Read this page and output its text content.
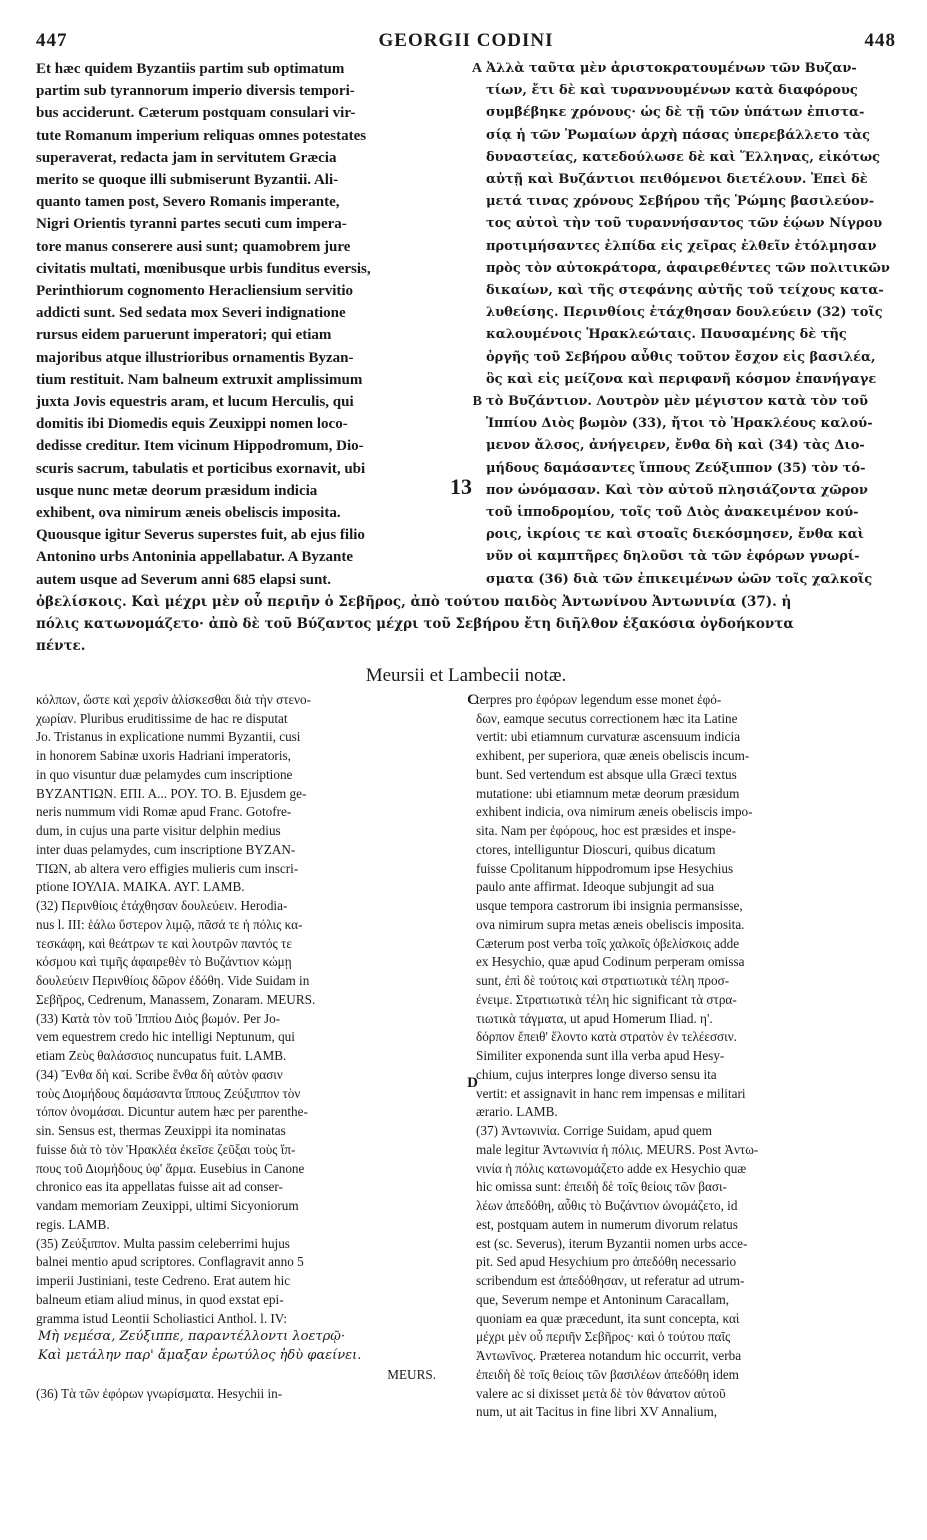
447	GEORGII CODINI	448
A
B
13
Et hæc quidem Byzantiis partim sub optimatum
partim sub tyrannorum imperio diversis tempori-
bus acciderunt. Cæterum postquam consulari vir-
tute Romanum imperium reliquas omnes potestates
superaverat, redacta jam in servitutem Græcia
merito se quoque illi submiserunt Byzantii. Ali-
quanto tamen post, Severo Romanis imperante,
Nigri Orientis tyranni partes secuti cum impera-
tore manus conserere ausi sunt; quamobrem jure
civitatis multati, mœnibusque urbis funditus eversis,
Perinthiorum cognomento Heracliensium servitio
addicti sunt. Sed sedata mox Severi indignatione
rursus eidem paruerunt imperatori; qui etiam
majoribus atque illustrioribus ornamentis Byzan-
tium restituit. Nam balneum extruxit amplissimum
juxta Jovis equestris aram, et lucum Herculis, qui
domitis ibi Diomedis equis Zeuxippi nomen loco-
dedisse creditur. Item vicinum Hippodromum, Dio-
scuris sacrum, tabulatis et porticibus exornavit, ubi
usque nunc metæ deorum præsidum indicia
exhibent, ova nimirum æneis obeliscis imposita.
Quousque igitur Severus superstes fuit, ab ejus filio
Antonino urbs Antoninia appellabatur. A Byzante
autem usque ad Severum anni 685 elapsi sunt.
Ἀλλὰ ταῦτα μὲν ἀριστοκρατουμένων τῶν Βυζαν-
τίων, ἔτι δὲ καὶ τυραννουμένων κατὰ διαφόρους
συμβέβηκε χρόνους· ὡς δὲ τῇ τῶν ὑπάτων ἐπιστα-
σίᾳ ἡ τῶν Ῥωμαίων ἀρχὴ πάσας ὑπερεβάλλετο τὰς
δυναστείας, κατεδούλωσε δὲ καὶ Ἕλληνας, εἰκότως
αὐτῇ καὶ Βυζάντιοι πειθόμενοι διετέλουν. Ἐπεὶ δὲ
μετά τινας χρόνους Σεβήρου τῆς Ῥώμης βασιλεύον-
τος αὐτοὶ τὴν τοῦ τυραννήσαντος τῶν ἑῴων Νίγρου
προτιμήσαντες ἐλπίδα εἰς χεῖρας ἐλθεῖν ἐτόλμησαν
πρὸς τὸν αὐτοκράτορα, ἀφαιρεθέντες τῶν πολιτικῶν
δικαίων, καὶ τῆς στεφάνης αὐτῆς τοῦ τείχους κατα-
λυθείσης. Περινθίοις ἐτάχθησαν δουλεύειν (32) τοῖς
καλουμένοις Ἡρακλεώταις. Παυσαμένης δὲ τῆς
ὀργῆς τοῦ Σεβήρου αὖθις τοῦτον ἔσχον εἰς βασιλέα,
ὃς καὶ εἰς μείζονα καὶ περιφανῆ κόσμον ἐπανήγαγε
τὸ Βυζάντιον. Λουτρὸν μὲν μέγιστον κατὰ τὸν τοῦ
Ἱππίου Διὸς βωμὸν (33), ἤτοι τὸ Ἡρακλέους καλού-
μενον ἄλσος, ἀνήγειρεν, ἔνθα δὴ καὶ (34) τὰς Διο-
μήδους δαμάσαντες ἵππους Ζεύξιππον (35) τὸν τό-
πον ὠνόμασαν. Καὶ τὸν αὐτοῦ πλησιάζοντα χῶρον
τοῦ ἱπποδρομίου, τοῖς τοῦ Διὸς ἀνακειμένον κού-
ροις, ἰκρίοις τε καὶ στοαῖς διεκόσμησεν, ἔνθα καὶ
νῦν οἱ καμπτῆρες δηλοῦσι τὰ τῶν ἐφόρων γνωρί-
σματα (36) διὰ τῶν ἐπικειμένων ὠῶν τοῖς χαλκοῖς
ὀβελίσκοις. Καὶ μέχρι μὲν οὗ περιῆν ὁ Σεβῆρος, ἀπὸ τούτου παιδὸς Ἀντωνίνου Ἀντωνινία (37). ἡ
πόλις κατωνομάζετο· ἀπὸ δὲ τοῦ Βύζαντος μέχρι τοῦ Σεβήρου ἔτη διῆλθον ἑξακόσια ὀγδοήκοντα
πέντε.
Meursii et Lambecii notæ.
C
D
κόλπων, ὥστε καὶ χερσὶν ἁλίσκεσθαι διὰ τὴν στενο-
χωρίαν. Pluribus eruditissime de hac re disputat
Jo. Tristanus in explicatione nummi Byzantii, cusi
in honorem Sabinæ uxoris Hadriani imperatoris,
in quo visuntur duæ pelamydes cum inscriptione
ΒΥΖΑΝΤΙΩΝ. ΕΠΙ. Α... ΡΟΥ. ΤΟ. Β. Ejusdem ge-
neris nummum vidi Romæ apud Franc. Gotofre-
dum, in cujus una parte visitur delphin medius
inter duas pelamydes, cum inscriptione ΒΥΖΑΝ-
ΤΙΩΝ, ab altera vero effigies mulieris cum inscri-
ptione ΙΟΥΛΙΑ. ΜΑΙΚΑ. ΑΥΓ. LAMB.
(32) Περινθίοις ἐτάχθησαν δουλεύειν. Herodia-
nus l. III: ἑάλω ὕστερον λιμῷ, πᾶσά τε ἡ πόλις κα-
τεσκάφη, καὶ θεάτρων τε καὶ λουτρῶν παντός τε
κόσμου καὶ τιμῆς ἀφαιρεθὲν τὸ Βυζάντιον κώμῃ
δουλεύειν Περινθίοις δῶρον ἐδόθη. Vide Suidam in
Σεβῆρος, Cedrenum, Manassem, Zonaram. MEURS.
(33) Κατὰ τὸν τοῦ Ἱππίου Διὸς βωμόν. Per Jo-
vem equestrem credo hic intelligi Neptunum, qui
etiam Ζεὺς θαλάσσιος nuncupatus fuit. LAMB.
(34) Ἔνθα δὴ καί. Scribe ἔνθα δὴ αὐτὸν φασιν
τοὺς Διομήδους δαμάσαντα ἵππους Ζεύξιππον τὸν
τόπον ὀνομάσαι. Dicuntur autem hæc per parenthe-
sin. Sensus est, thermas Zeuxippi ita nominatas
fuisse διὰ τὸ τὸν Ἡρακλέα ἐκεῖσε ζεῦξαι τοὺς ἵπ-
πους τοῦ Διομήδους ὑφ' ἅρμα. Eusebius in Canone
chronico eas ita appellatas fuisse ait ad conser-
vandam memoriam Zeuxippi, ultimi Sicyoniorum
regis. LAMB.
(35) Ζεύξιππον. Multa passim celeberrimi hujus
balnei mentio apud scriptores. Conflagravit anno 5
imperii Justiniani, teste Cedreno. Erat autem hic
balneum etiam aliud minus, in quod exstat epi-
gramma istud Leontii Scholiastici Anthol. l. IV:
Μὴ νεμέσα, Ζεύξιππε, παραντέλλοντι λοετρῷ·
Καὶ μετάλην παρ' ἄμαξαν ἐρωτύλος ἡδὺ φαείνει.
MEURS.
(36) Τὰ τῶν ἐφόρων γνωρίσματα. Hesychii in-
terpres pro ἐφόρων legendum esse monet ἐφό-
δων, eamque secutus correctionem hæc ita Latine
vertit: ubi etiamnum curvaturæ ascensuum indicia
exhibent, per superiora, quæ æneis obeliscis incum-
bunt. Sed vertendum est absque ulla Græci textus
mutatione: ubi etiamnum metæ deorum præsidum
exhibent indicia, ova nimirum æneis obeliscis impo-
sita. Nam per ἐφόρους, hoc est præsides et inspe-
ctores, intelliguntur Dioscuri, quibus dicatum
fuisse Cpolitanum hippodromum ipse Hesychius
paulo ante affirmat. Ideoque subjungit ad sua
usque tempora castrorum ibi insignia permansisse,
ova nimirum supra metas æneis obeliscis imposita.
Cæterum post verba τοῖς χαλκοῖς ὀβελίσκοις adde
ex Hesychio, quæ apud Codinum perperam omissa
sunt, ἐπὶ δὲ τούτοις καὶ στρατιωτικὰ τέλη προσ-
ένειμε. Στρατιωτικὰ τέλη hic significant τὰ στρα-
τιωτικὰ τάγματα, ut apud Homerum Iliad. η'.
δόρπον ἔπειθ' ἕλοντο κατὰ στρατὸν ἐν τελέεσσιν.
Similiter exponenda sunt illa verba apud Hesy-
chium, cujus interpres longe diverso sensu ita
vertit: et assignavit in hanc rem impensas e militari
ærario. LAMB.
(37) Ἀντωνινία. Corrige Suidam, apud quem
male legitur Ἀντωνινία ἡ πόλις. MEURS. Post Ἀντω-
νινία ἡ πόλις κατωνομάζετο adde ex Hesychio quæ
hic omissa sunt: ἐπειδὴ δὲ τοῖς θείοις τῶν βασι-
λέων ἀπεδόθη, αὖθις τὸ Βυζάντιον ὠνομάζετο, id
est, postquam autem in numerum divorum relatus
est (sc. Severus), iterum Byzantii nomen urbs acce-
pit. Sed apud Hesychium pro ἀπεδόθη necessario
scribendum est ἀπεδόθησαν, ut referatur ad utrum-
que, Severum nempe et Antoninum Caracallam,
quoniam ea quæ præcedunt, ita sunt concepta, καὶ
μέχρι μὲν οὗ περιῆν Σεβῆρος· καὶ ὁ τούτου παῖς
Ἀντωνῖνος. Præterea notandum hic occurrit, verba
ἐπειδὴ δὲ τοῖς θείοις τῶν βασιλέων ἀπεδόθη idem
valere ac si dixisset μετὰ δὲ τὸν θάνατον αὐτοῦ
num, ut ait Tacitus in fine libri XV Annalium,
